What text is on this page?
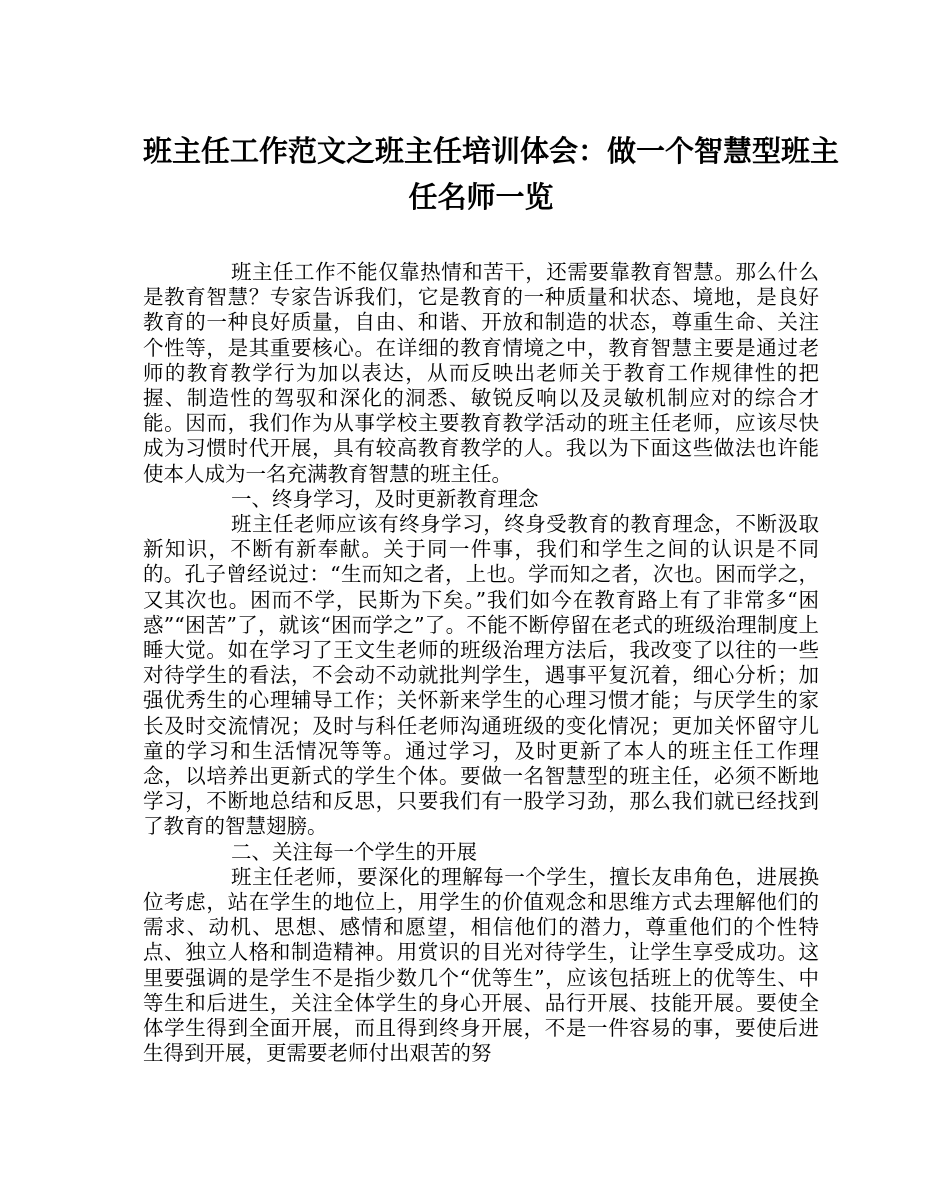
班主任工作范文之班主任培训体会：做一个智慧型班主
任名师一览

班主任工作不能仅靠热情和苦干，还需要靠教育智慧。那么什么是教育智慧？专家告诉我们，它是教育的一种质量和状态、境地，是良好教育的一种良好质量，自由、和谐、开放和制造的状态，尊重生命、关注个性等，是其重要核心。在详细的教育情境之中，教育智慧主要是通过老师的教育教学行为加以表达，从而反映出老师关于教育工作规律性的把握、制造性的驾驭和深化的洞悉、敏锐反响以及灵敏机制应对的综合才能。因而，我们作为从事学校主要教育教学活动的班主任老师，应该尽快成为习惯时代开展，具有较高教育教学的人。我以为下面这些做法也许能使本人成为一名充满教育智慧的班主任。

一、终身学习，及时更新教育理念

班主任老师应该有终身学习，终身受教育的教育理念，不断汲取新知识，不断有新奉献。关于同一件事，我们和学生之间的认识是不同的。孔子曾经说过：“生而知之者，上也。学而知之者，次也。困而学之，又其次也。困而不学，民斯为下矣。”我们如今在教育路上有了非常多“困惑”“困苦”了，就该“困而学之”了。不能不断停留在老式的班级治理制度上睡大觉。如在学习了王文生老师的班级治理方法后，我改变了以往的一些对待学生的看法，不会动不动就批判学生，遇事平复沉着，细心分析；加强优秀生的心理辅导工作；关怀新来学生的心理习惯才能；与厌学生的家长及时交流情况；及时与科任老师沟通班级的变化情况；更加关怀留守儿童的学习和生活情况等等。通过学习，及时更新了本人的班主任工作理念，以培养出更新式的学生个体。要做一名智慧型的班主任，必须不断地学习，不断地总结和反思，只要我们有一股学习劲，那么我们就已经找到了教育的智慧翅膀。

二、关注每一个学生的开展

班主任老师，要深化的理解每一个学生，擅长友串角色，进展换位考虑，站在学生的地位上，用学生的价值观念和思维方式去理解他们的需求、动机、思想、感情和愿望，相信他们的潜力，尊重他们的个性特点、独立人格和制造精神。用赏识的目光对待学生，让学生享受成功。这里要强调的是学生不是指少数几个“优等生”，应该包括班上的优等生、中等生和后进生，关注全体学生的身心开展、品行开展、技能开展。要使全体学生得到全面开展，而且得到终身开展，不是一件容易的事，要使后进生得到开展，更需要老师付出艰苦的努
